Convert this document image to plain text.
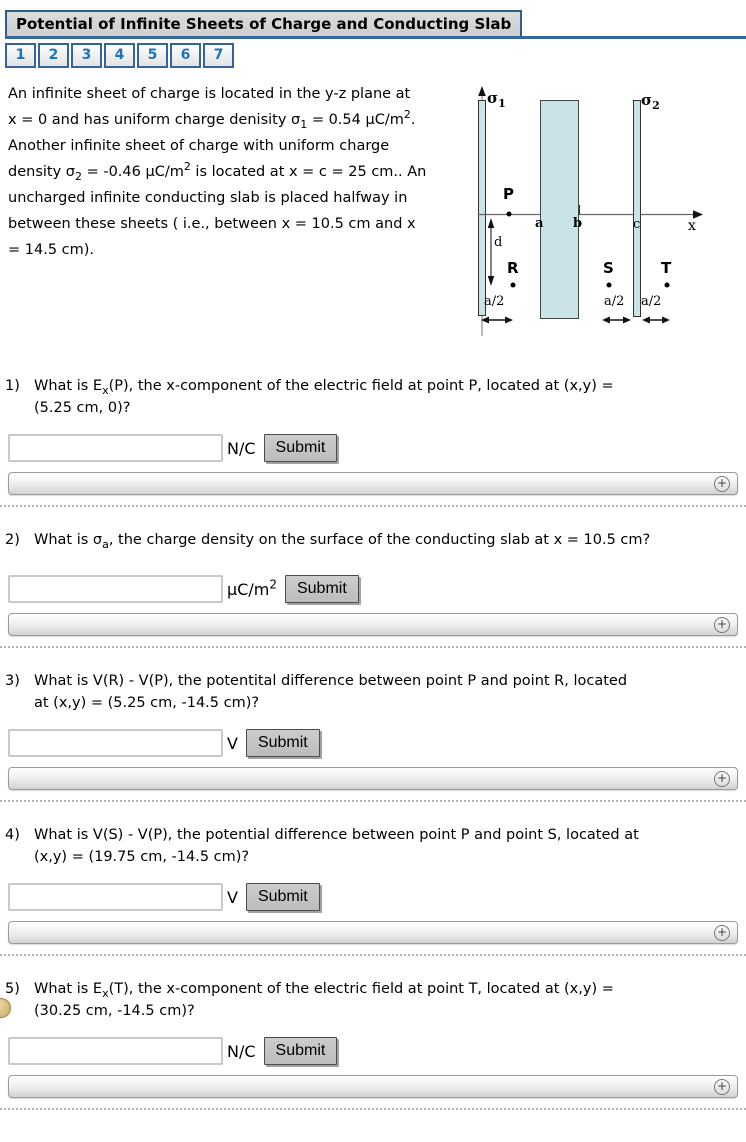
Potential of Infinite Sheets of Charge and Conducting Slab
1	2	3	4	5	6	7
An infinite sheet of charge is located in the y-z plane at
x = 0 and has uniform charge denisity $\sigma_1 = 0.54$ $\mu C/m^2$.
Another infinite sheet of charge with uniform charge
density $\sigma_2 = -0.46$ $\mu C/m^2$ is located at x = c = 25 cm.. An
uncharged infinite conducting slab is placed halfway in
between these sheets ( i.e., between x = 10.5 cm and x
= 14.5 cm).
$\sigma_1$	$\sigma_2$
P
a b	c	x
d
R	S	T
a/2	a/2 a/2
1) What is $E_x(P)$, the x-component of the electric field at point P, located at (x,y) =
(5.25 cm, 0)?
N/C	Submit
+
2) What is $\sigma_a$, the charge density on the surface of the conducting slab at x = 10.5 cm?
$\mu C/m^2$	Submit
+
3) What is V(R) - V(P), the potentital difference between point P and point R, located
at (x,y) = (5.25 cm, -14.5 cm)?
V	Submit
+
4) What is V(S) - V(P), the potential difference between point P and point S, located at
(x,y) = (19.75 cm, -14.5 cm)?
V	Submit
+
5) What is $E_x(T)$, the x-component of the electric field at point T, located at (x,y) =
(30.25 cm, -14.5 cm)?
N/C	Submit
+
